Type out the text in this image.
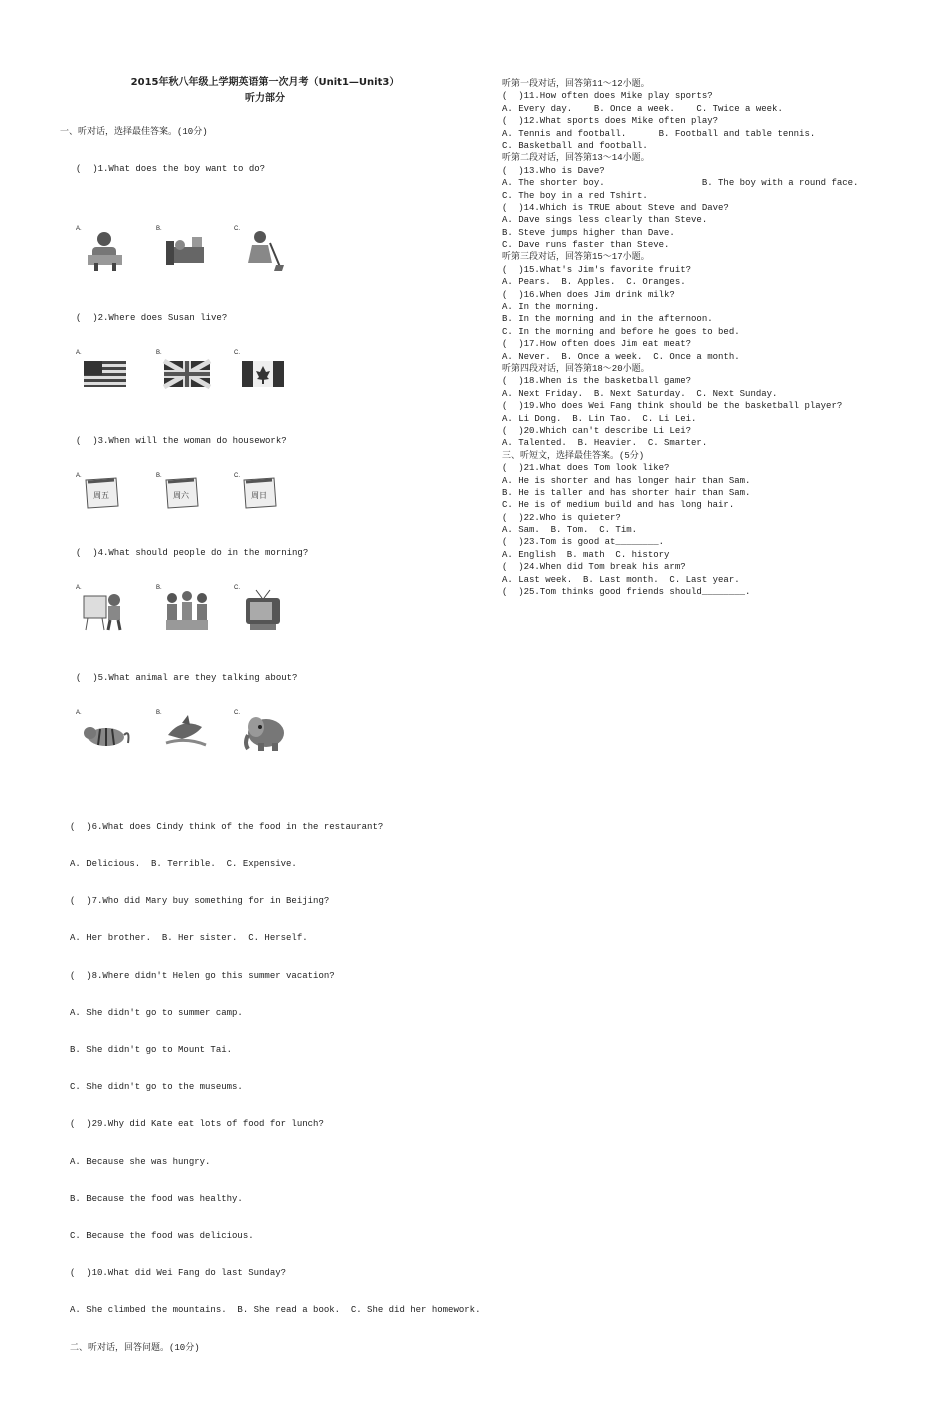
2015年秋八年级上学期英语第一次月考（Unit1—Unit3）
听力部分

一、听对话，选择最佳答案。(10分)

(  )1.What does the boy want to do?

A.

	B.

	C.

(  )2.Where does Susan live?

A.

	B.

	C.

(  )3.When will the woman do housework?

A.

周五

B.

周六

C.

周日

(  )4.What should people do in the morning?

A.

	B.

	C.

(  )5.What animal are they talking about?

A.

	B.

	C.

(  )6.What does Cindy think of the food in the restaurant?

A. Delicious.  B. Terrible.  C. Expensive.

(  )7.Who did Mary buy something for in Beijing?

A. Her brother.  B. Her sister.  C. Herself.

(  )8.Where didn't Helen go this summer vacation?

A. She didn't go to summer camp.

B. She didn't go to Mount Tai.

C. She didn't go to the museums.

(  )29.Why did Kate eat lots of food for lunch?

A. Because she was hungry.

B. Because the food was healthy.

C. Because the food was delicious.

(  )10.What did Wei Fang do last Sunday?

A. She climbed the mountains.  B. She read a book.  C. She did her homework.

二、听对话，回答问题。(10分)

听第一段对话，回答第11～12小题。
(  )11.How often does Mike play sports?
A. Every day.    B. Once a week.    C. Twice a week.
(  )12.What sports does Mike often play?
A. Tennis and football.      B. Football and table tennis.
C. Basketball and football.
听第二段对话，回答第13～14小题。
(  )13.Who is Dave?
A. The shorter boy.                  B. The boy with a round face.
C. The boy in a red Tshirt.
(  )14.Which is TRUE about Steve and Dave?
A. Dave sings less clearly than Steve.
B. Steve jumps higher than Dave.
C. Dave runs faster than Steve.
听第三段对话，回答第15～17小题。
(  )15.What's Jim's favorite fruit?
A. Pears.  B. Apples.  C. Oranges.
(  )16.When does Jim drink milk?
A. In the morning.
B. In the morning and in the afternoon.
C. In the morning and before he goes to bed.
(  )17.How often does Jim eat meat?
A. Never.  B. Once a week.  C. Once a month.
听第四段对话，回答第18～20小题。
(  )18.When is the basketball game?
A. Next Friday.  B. Next Saturday.  C. Next Sunday.
(  )19.Who does Wei Fang think should be the basketball player?
A. Li Dong.  B. Lin Tao.  C. Li Lei.
(  )20.Which can't describe Li Lei?
A. Talented.  B. Heavier.  C. Smarter.
三、听短文，选择最佳答案。(5分)
(  )21.What does Tom look like?
A. He is shorter and has longer hair than Sam.
B. He is taller and has shorter hair than Sam.
C. He is of medium build and has long hair.
(  )22.Who is quieter?
A. Sam.  B. Tom.  C. Tim.
(  )23.Tom is good at________.
A. English  B. math  C. history
(  )24.When did Tom break his arm?
A. Last week.  B. Last month.  C. Last year.
(  )25.Tom thinks good friends should________.
